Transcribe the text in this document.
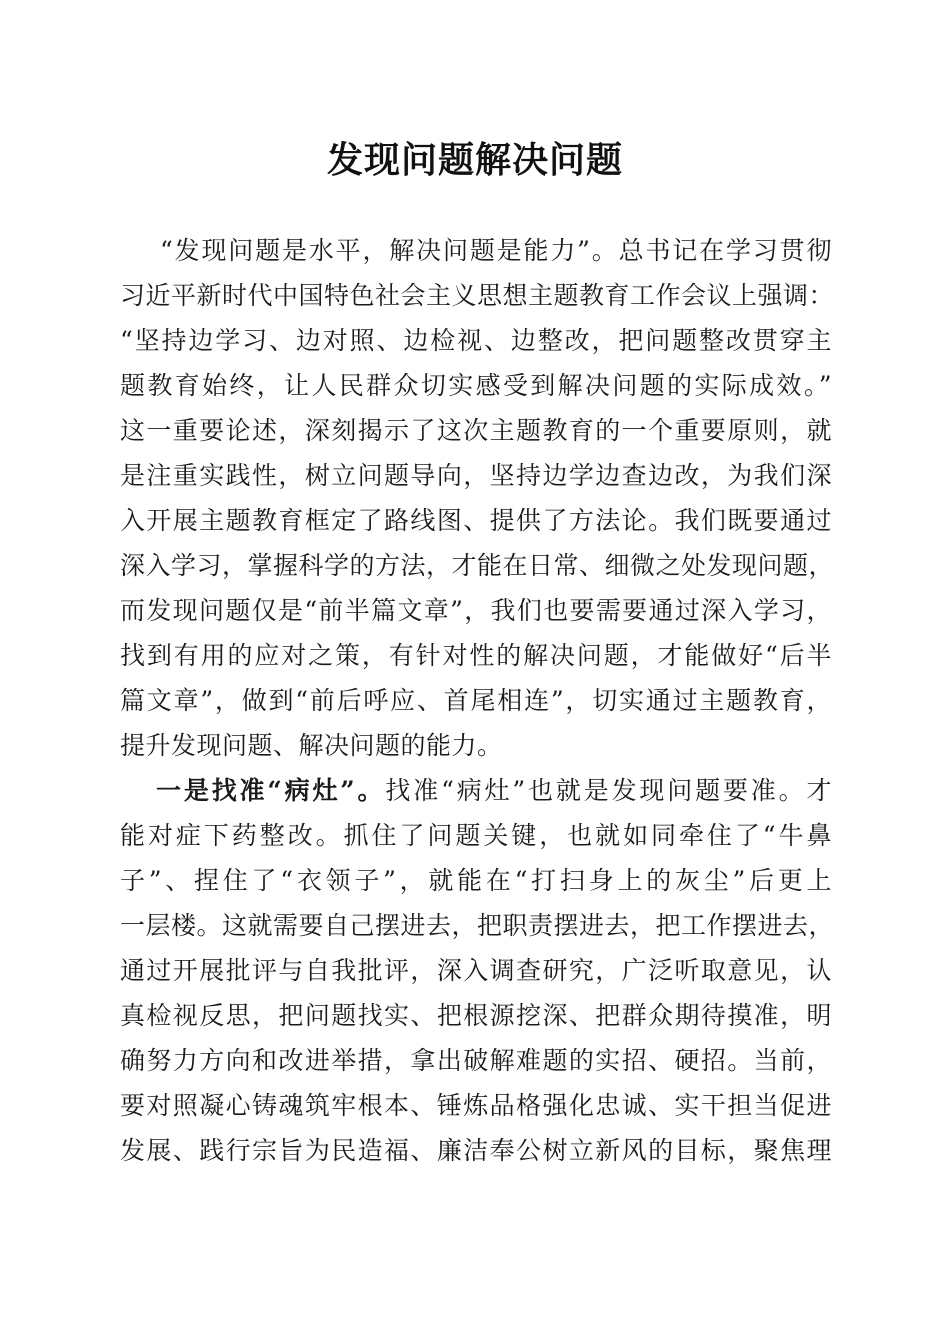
发现问题解决问题
“发现问题是水平，解决问题是能力”。总书记在学习贯彻
习近平新时代中国特色社会主义思想主题教育工作会议上强调：
“坚持边学习、边对照、边检视、边整改，把问题整改贯穿主
题教育始终，让人民群众切实感受到解决问题的实际成效。”
这一重要论述，深刻揭示了这次主题教育的一个重要原则，就
是注重实践性，树立问题导向，坚持边学边查边改，为我们深
入开展主题教育框定了路线图、提供了方法论。我们既要通过
深入学习，掌握科学的方法，才能在日常、细微之处发现问题，
而发现问题仅是“前半篇文章”，我们也要需要通过深入学习，
找到有用的应对之策，有针对性的解决问题，才能做好“后半
篇文章”，做到“前后呼应、首尾相连”，切实通过主题教育，
提升发现问题、解决问题的能力。
一是找准“病灶”。找准“病灶”也就是发现问题要准。才
能对症下药整改。抓住了问题关键，也就如同牵住了“牛鼻
子”、捏住了“衣领子”，就能在“打扫身上的灰尘”后更上
一层楼。这就需要自己摆进去，把职责摆进去，把工作摆进去，
通过开展批评与自我批评，深入调查研究，广泛听取意见，认
真检视反思，把问题找实、把根源挖深、把群众期待摸准，明
确努力方向和改进举措，拿出破解难题的实招、硬招。当前，
要对照凝心铸魂筑牢根本、锤炼品格强化忠诚、实干担当促进
发展、践行宗旨为民造福、廉洁奉公树立新风的目标，聚焦理
